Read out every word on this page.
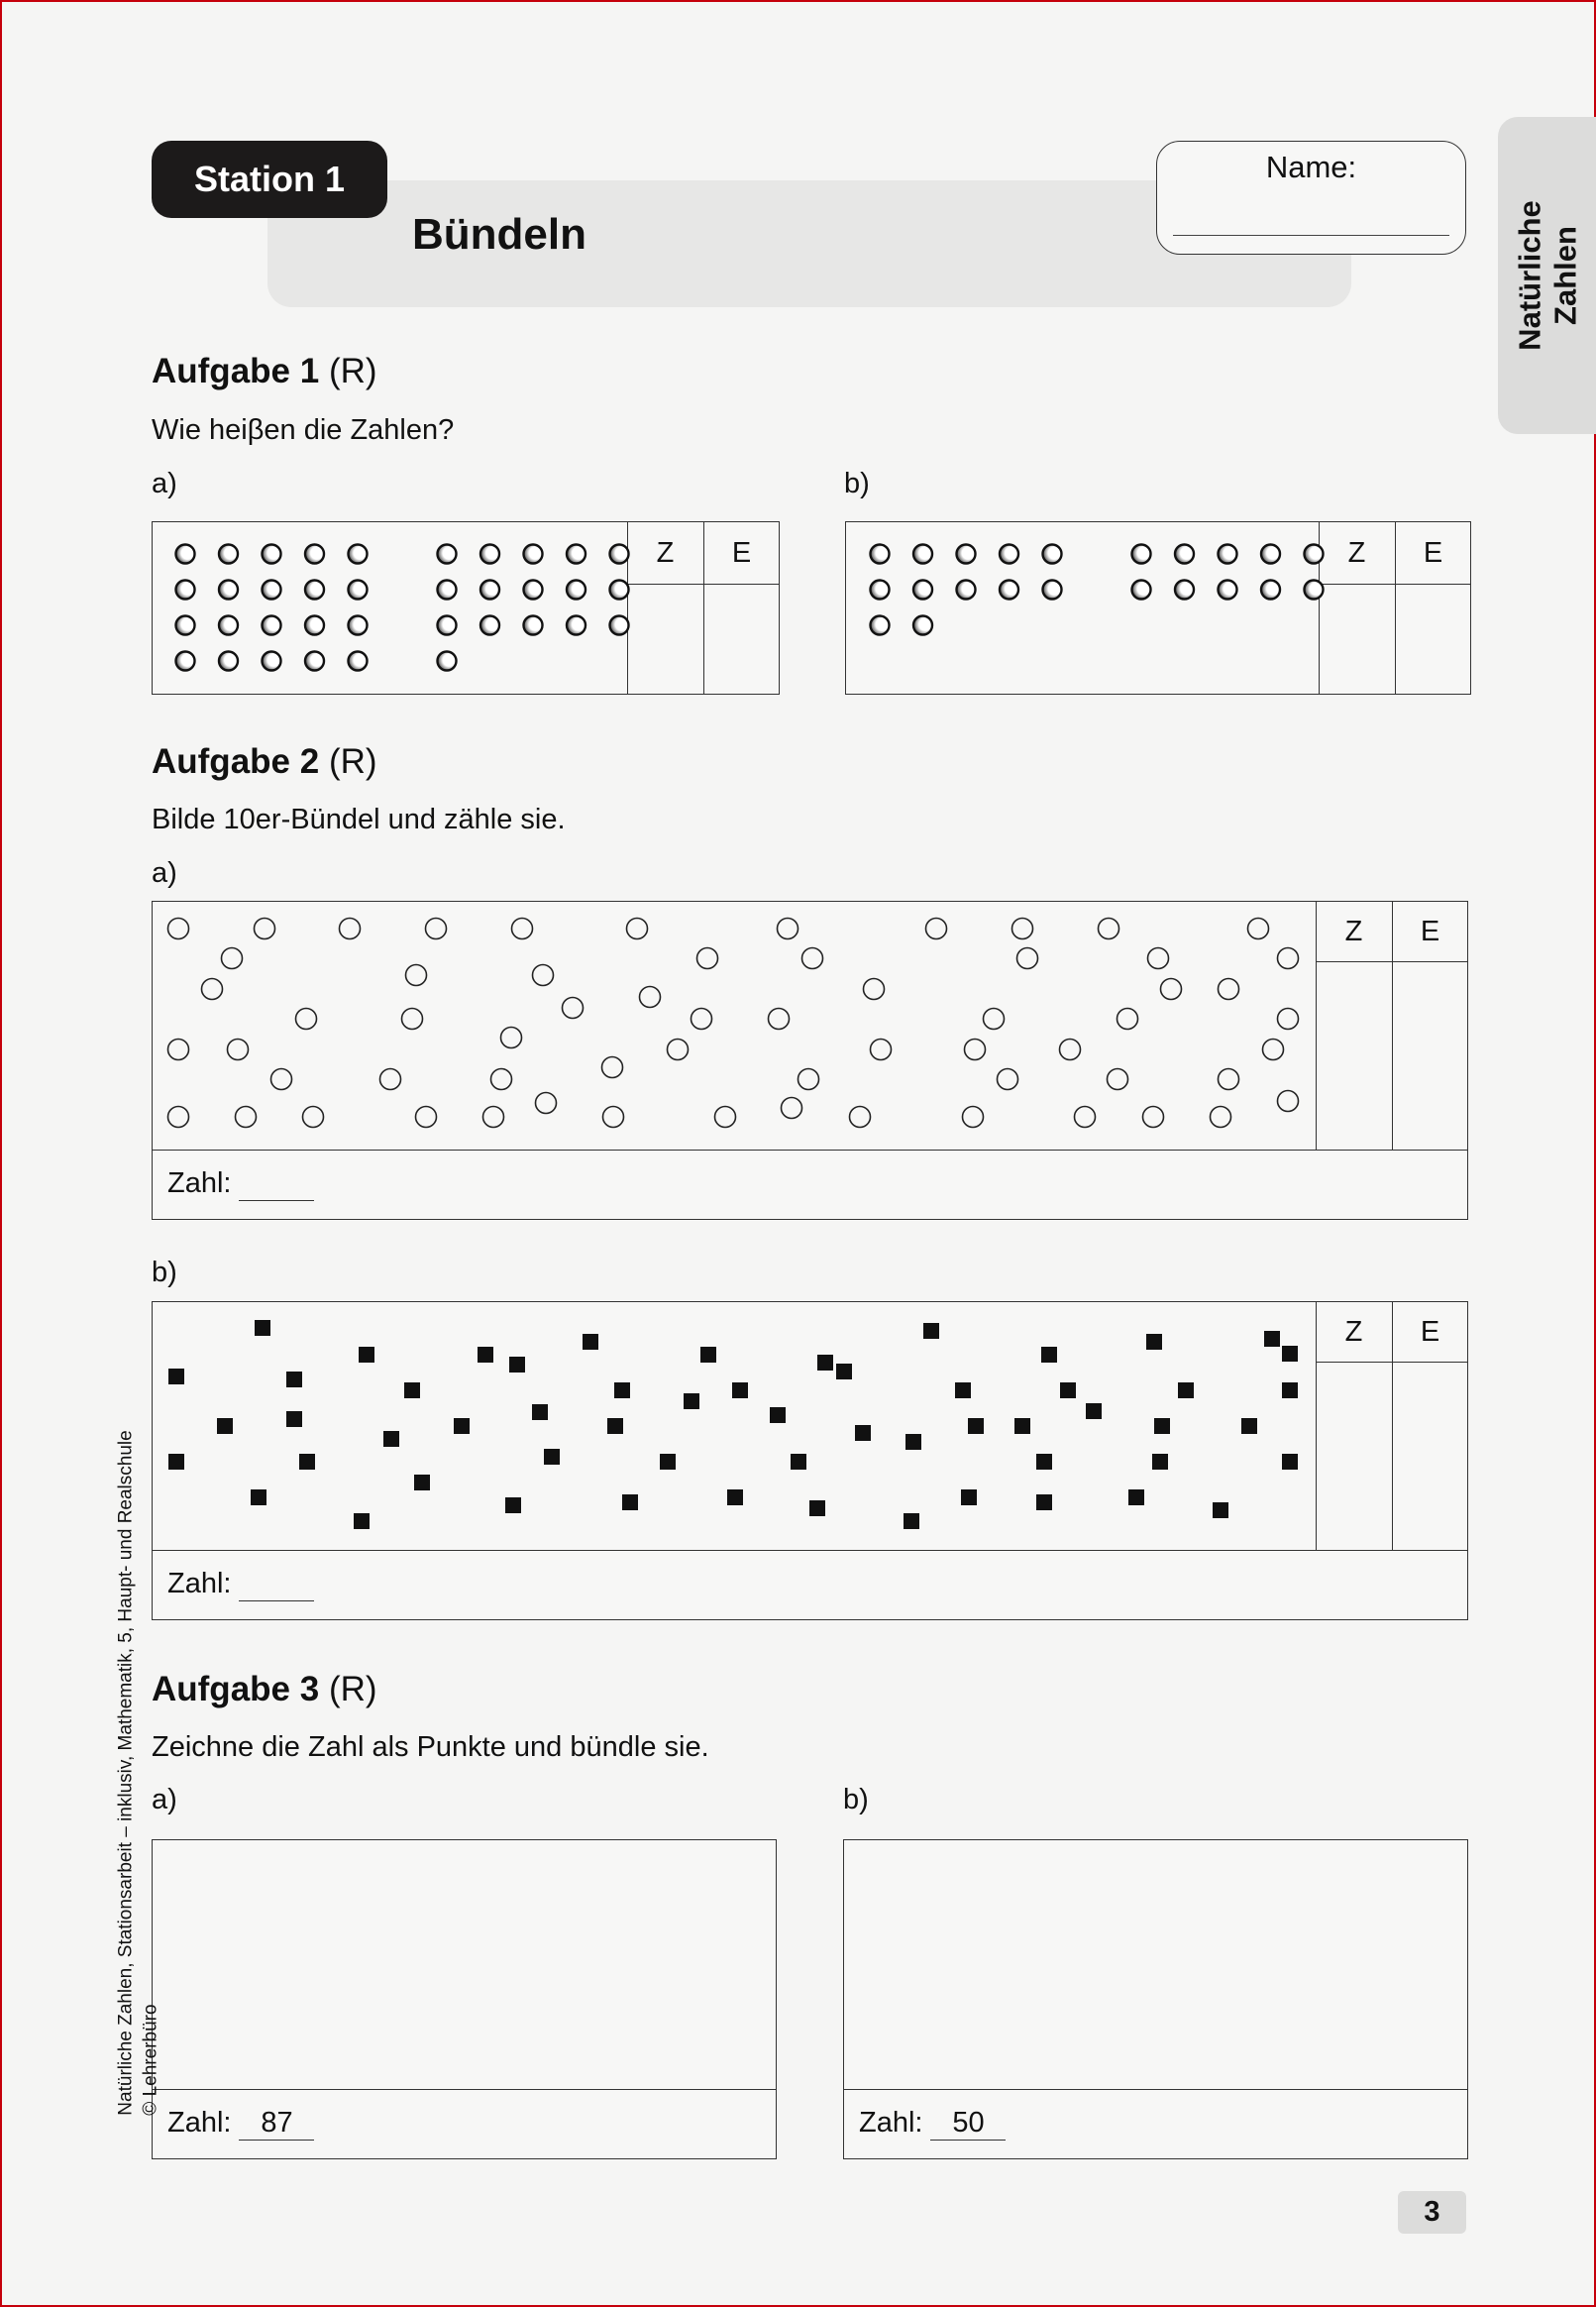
Station 1
Bündeln
Name:
Natürliche Zahlen
Aufgabe 1 (R)
Wie heiβen die Zahlen?
a)	b)
Z	E	Z	E
Aufgabe 2 (R)
Bilde 10er-Bündel und zähle sie.
a)
Z	E
Zahl:
b)
Z	E
Zahl:
Aufgabe 3 (R)
Zeichne die Zahl als Punkte und bündle sie.
a)	b)
Zahl: 87	Zahl: 50
Natürliche Zahlen, Stationsarbeit – inklusiv, Mathematik, 5, Haupt- und Realschule © Lehrerbüro
3
